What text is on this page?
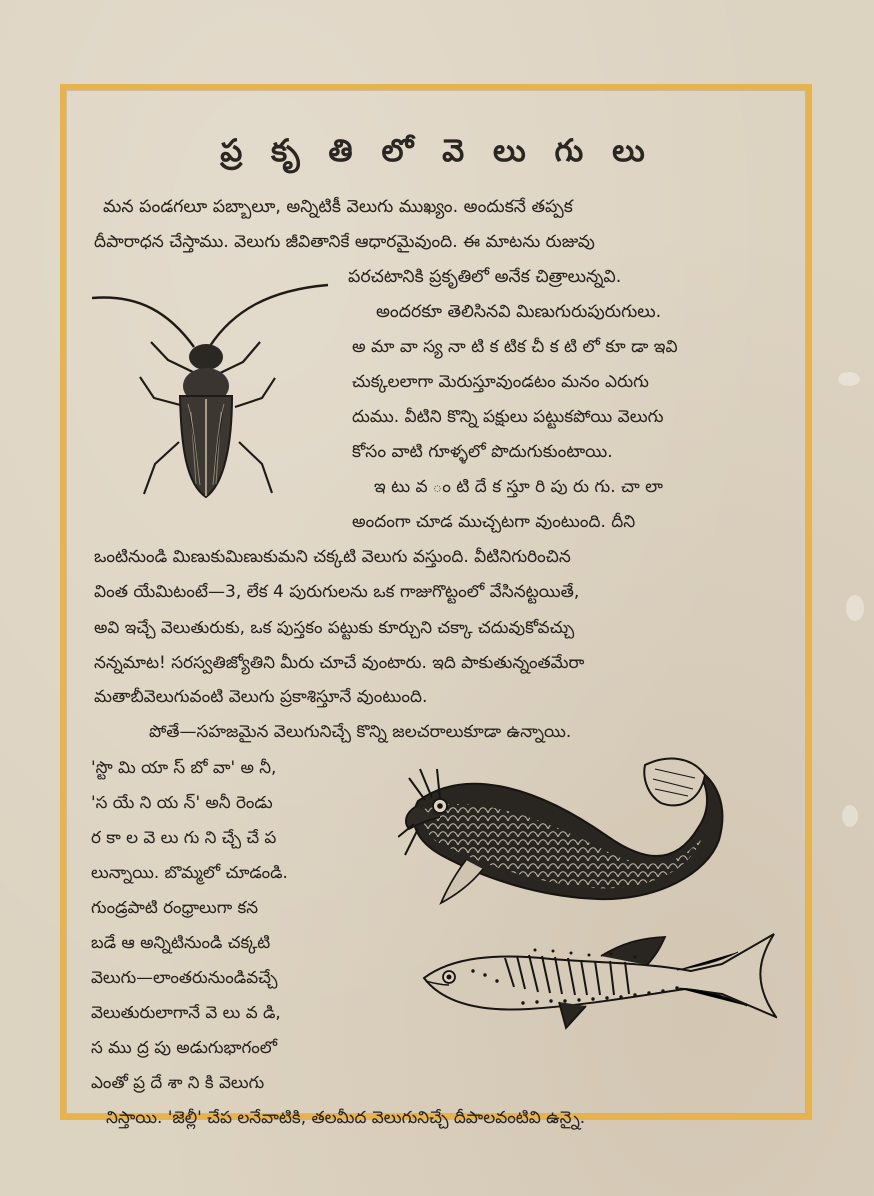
ప్ర కృ తి లో వె లు గు లు
మన పండగలూ పబ్బాలూ, అన్నిటికీ వెలుగు ముఖ్యం. అందుకనే తప్పక
దీపారాధన చేస్తాము. వెలుగు జీవితానికే ఆధారమైవుంది. ఈ మాటను రుజువు
పరచటానికి ప్రకృతిలో అనేక చిత్రాలున్నవి.
అందరకూ తెలిసినవి మిణుగురుపురుగులు.
అ మా వా స్య నా టి క టిక చీ క టి లో కూ డా ఇవి
చుక్కలలాగా మెరుస్తూవుండటం మనం ఎరుగు
దుము. వీటిని కొన్ని పక్షులు పట్టుకపోయి వెలుగు
కోసం వాటి గూళ్ళలో పొదుగుకుంటాయి.
ఇ టు వ ం టి దే క స్తూ రి పు రు గు. చా లా
అందంగా చూడ ముచ్చటగా వుంటుంది. దీని
ఒంటినుండి మిణుకుమిణుకుమని చక్కటి వెలుగు వస్తుంది. వీటినిగురించిన
వింత యేమిటంటే—3, లేక 4 పురుగులను ఒక గాజుగొట్టంలో వేసినట్టయితే,
అవి ఇచ్చే వెలుతురుకు, ఒక పుస్తకం పట్టుకు కూర్చుని చక్కా చదువుకోవచ్చు
నన్నమాట! సరస్వతిజ్యోతిని మీరు చూచే వుంటారు. ఇది పాకుతున్నంతమేరా
మతాబీవెలుగువంటి వెలుగు ప్రకాశిస్తూనే వుంటుంది.
పోతే—సహజమైన వెలుగునిచ్చే కొన్ని జలచరాలుకూడా ఉన్నాయి.
'స్టొ మి యా స్ బో వా' అ నీ,
'స యే ని య న్' అనీ రెండు
ర కా ల వె లు గు ని చ్చే చే ప
లున్నాయి. బొమ్మలో చూడండి.
గుండ్రపాటి రంధ్రాలుగా కన
బడే ఆ అన్నిటినుండి చక్కటి
వెలుగు—లాంతరునుండివచ్చే
వెలుతురులాగానే వె లు వ డి,
స ము ద్ర పు అడుగుభాగంలో
ఎంతో ప్ర దే శా ని కి వెలుగు
నిస్తాయి. 'జెల్లీ' చేప లనేవాటికి, తలమీద వెలుగునిచ్చే దీపాలవంటివి ఉన్నై.
